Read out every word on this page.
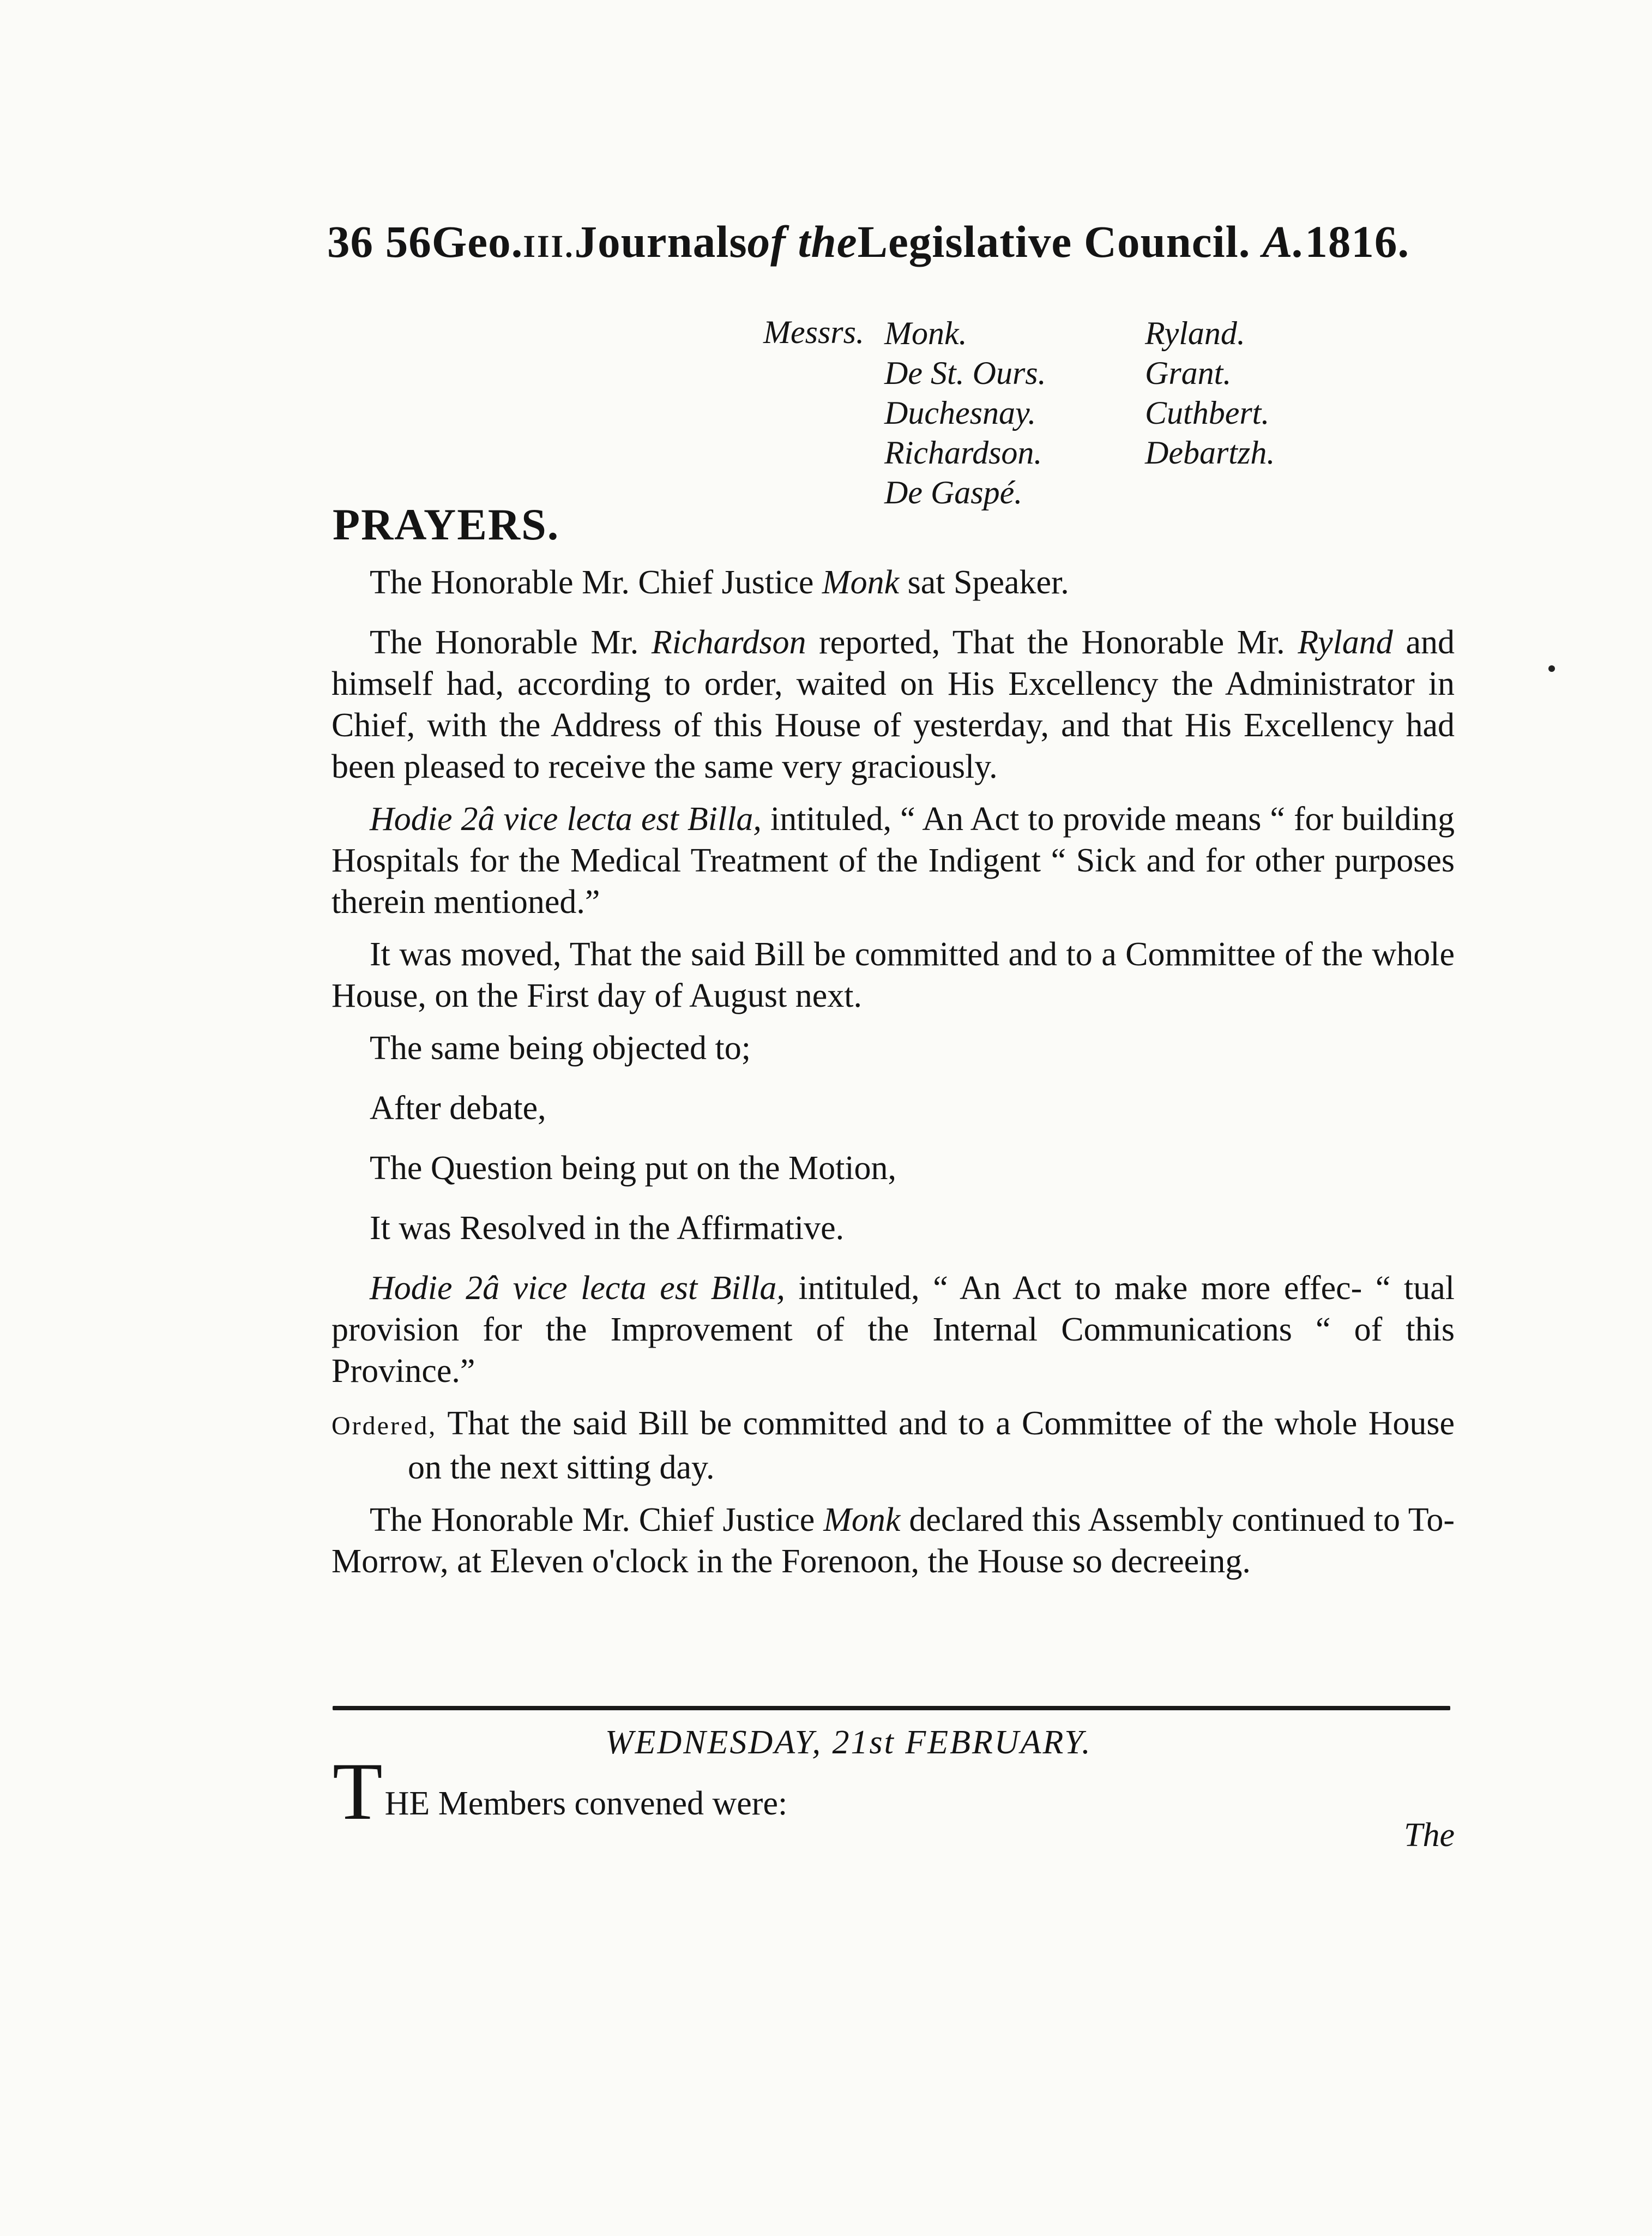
36 56Geo.III.Journalsof theLegislative Council. A.1816.
Messrs. Monk.
De St. Ours.
Duchesnay.
Richardson.
De Gaspé.
Ryland.
Grant.
Cuthbert.
Debartzh.
PRAYERS.
The Honorable Mr. Chief Justice Monk sat Speaker.
The Honorable Mr. Richardson reported, That the Honorable Mr. Ryland and himself had, according to order, waited on His Excellency the Administrator in Chief, with the Address of this House of yesterday, and that His Excellency had been pleased to receive the same very graciously.
Hodie 2â vice lecta est Billa, intituled, “ An Act to provide means “ for building Hospitals for the Medical Treatment of the Indigent “ Sick and for other purposes therein mentioned.”
It was moved, That the said Bill be committed and to a Committee of the whole House, on the First day of August next.
The same being objected to;
After debate,
The Question being put on the Motion,
It was Resolved in the Affirmative.
Hodie 2â vice lecta est Billa, intituled, “ An Act to make more effec- “ tual provision for the Improvement of the Internal Communications “ of this Province.”
Ordered, That the said Bill be committed and to a Committee of the whole House on the next sitting day.
The Honorable Mr. Chief Justice Monk declared this Assembly continued to To-Morrow, at Eleven o'clock in the Forenoon, the House so decreeing.
WEDNESDAY, 21st FEBRUARY.
THE Members convened were:
The
